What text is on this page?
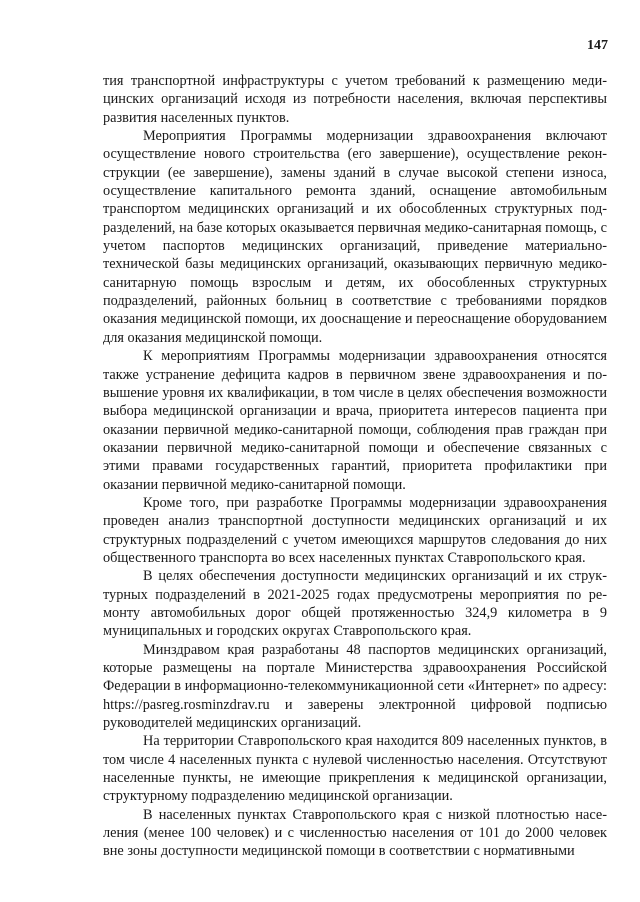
147

тия транспортной инфраструктуры с учетом требований к размещению медицинских организаций исходя из потребности населения, включая перспективы развития населенных пунктов.

Мероприятия Программы модернизации здравоохранения включают осуществление нового строительства (его завершение), осуществление реконструкции (ее завершение), замены зданий в случае высокой степени износа, осуществление капитального ремонта зданий, оснащение автомобильным транспортом медицинских организаций и их обособленных структурных подразделений, на базе которых оказывается первичная медико-санитарная помощь, с учетом паспортов медицинских организаций, приведение материально-технической базы медицинских организаций, оказывающих первичную медико-санитарную помощь взрослым и детям, их обособленных структурных подразделений, районных больниц в соответствие с требованиями порядков оказания медицинской помощи, их дооснащение и переоснащение оборудованием для оказания медицинской помощи.

К мероприятиям Программы модернизации здравоохранения относятся также устранение дефицита кадров в первичном звене здравоохранения и повышение уровня их квалификации, в том числе в целях обеспечения возможности выбора медицинской организации и врача, приоритета интересов пациента при оказании первичной медико-санитарной помощи, соблюдения прав граждан при оказании первичной медико-санитарной помощи и обеспечение связанных с этими правами государственных гарантий, приоритета профилактики при оказании первичной медико-санитарной помощи.

Кроме того, при разработке Программы модернизации здравоохранения проведен анализ транспортной доступности медицинских организаций и их структурных подразделений с учетом имеющихся маршрутов следования до них общественного транспорта во всех населенных пунктах Ставропольского края.

В целях обеспечения доступности медицинских организаций и их структурных подразделений в 2021-2025 годах предусмотрены мероприятия по ремонту автомобильных дорог общей протяженностью 324,9 километра в 9 муниципальных и городских округах Ставропольского края.

Минздравом края разработаны 48 паспортов медицинских организаций, которые размещены на портале Министерства здравоохранения Российской Федерации в информационно-телекоммуникационной сети «Интернет» по адресу: https://pasreg.rosminzdrav.ru и заверены электронной цифровой подписью руководителей медицинских организаций.

На территории Ставропольского края находится 809 населенных пунктов, в том числе 4 населенных пункта с нулевой численностью населения. Отсутствуют населенные пункты, не имеющие прикрепления к медицинской организации, структурному подразделению медицинской организации.

В населенных пунктах Ставропольского края с низкой плотностью населения (менее 100 человек) и с численностью населения от 101 до 2000 человек вне зоны доступности медицинской помощи в соответствии с нормативными
